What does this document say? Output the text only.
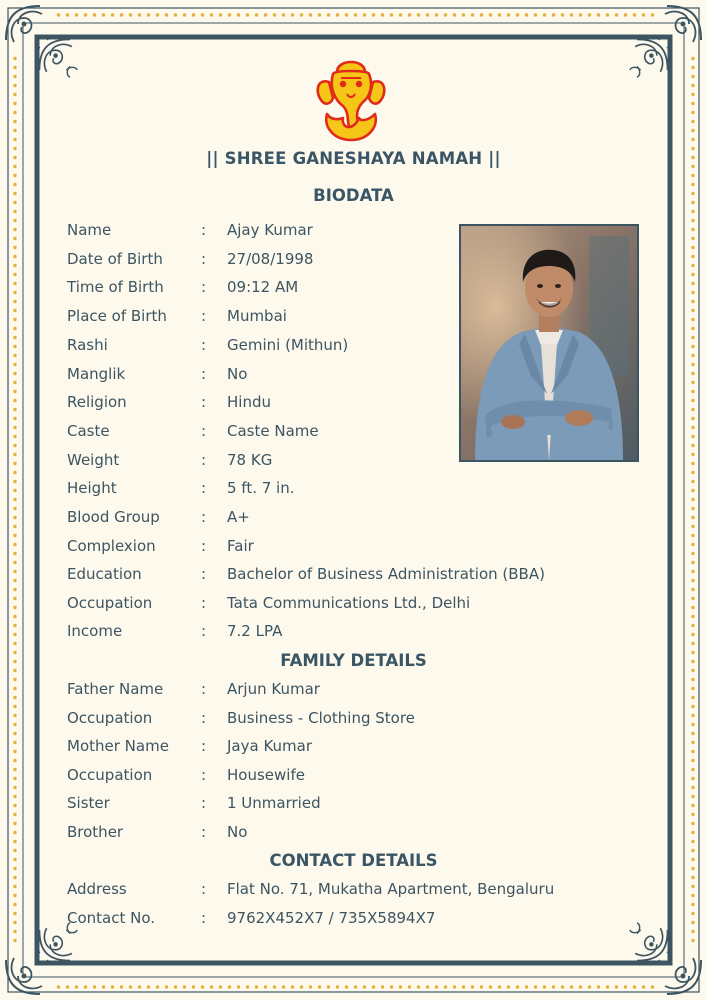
|| SHREE GANESHAYA NAMAH ||
BIODATA
Name	: Ajay Kumar
Date of Birth	: 27/08/1998
Time of Birth	: 09:12 AM
Place of Birth	: Mumbai
Rashi	: Gemini (Mithun)
Manglik	: No
Religion	: Hindu
Caste	: Caste Name
Weight	: 78 KG
Height	: 5 ft. 7 in.
Blood Group	: A+
Complexion	: Fair
Education	: Bachelor of Business Administration (BBA)
Occupation	: Tata Communications Ltd., Delhi
Income	: 7.2 LPA
FAMILY DETAILS
Father Name	: Arjun Kumar
Occupation	: Business - Clothing Store
Mother Name	: Jaya Kumar
Occupation	: Housewife
Sister	: 1 Unmarried
Brother	: No
CONTACT DETAILS
Address	: Flat No. 71, Mukatha Apartment, Bengaluru
Contact No.	: 9762X452X7 / 735X5894X7
